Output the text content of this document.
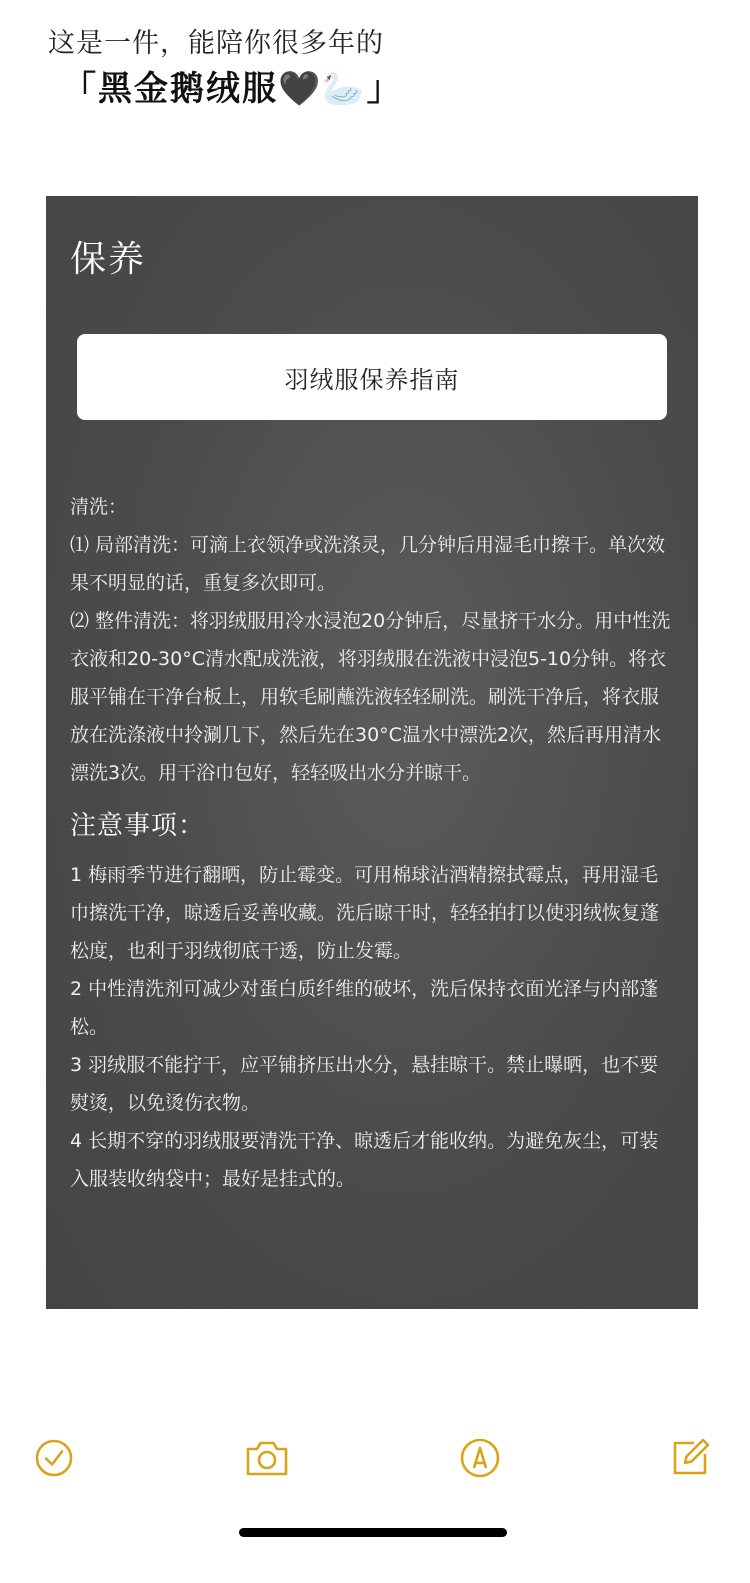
这是一件，能陪你很多年的
「黑金鹅绒服🖤🦢」
保养
羽绒服保养指南

清洗：

⑴ 局部清洗：可滴上衣领净或洗涤灵，几分钟后用湿毛巾擦干。单次效果不明显的话，重复多次即可。

⑵ 整件清洗：将羽绒服用冷水浸泡20分钟后，尽量挤干水分。用中性洗衣液和20-30°C清水配成洗液，将羽绒服在洗液中浸泡5-10分钟。将衣服平铺在干净台板上，用软毛刷蘸洗液轻轻刷洗。刷洗干净后，将衣服放在洗涤液中拎涮几下，然后先在30°C温水中漂洗2次，然后再用清水漂洗3次。用干浴巾包好，轻轻吸出水分并晾干。

注意事项：

1 梅雨季节进行翻晒，防止霉变。可用棉球沾酒精擦拭霉点，再用湿毛巾擦洗干净，晾透后妥善收藏。洗后晾干时，轻轻拍打以使羽绒恢复蓬松度，也利于羽绒彻底干透，防止发霉。

2 中性清洗剂可减少对蛋白质纤维的破坏，洗后保持衣面光泽与内部蓬松。

3 羽绒服不能拧干，应平铺挤压出水分，悬挂晾干。禁止曝晒，也不要熨烫，以免烫伤衣物。

4 长期不穿的羽绒服要清洗干净、晾透后才能收纳。为避免灰尘，可装入服装收纳袋中；最好是挂式的。
